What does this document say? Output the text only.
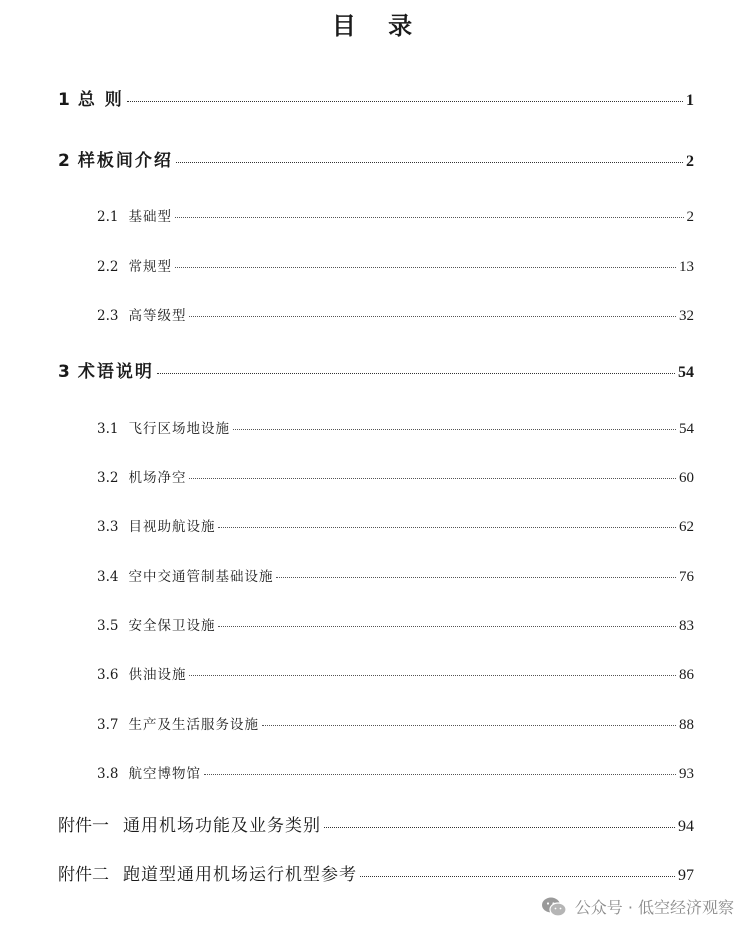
目 录
1 总 则	1
2 样板间介绍	2
2.1 基础型	2
2.2 常规型	13
2.3 高等级型	32
3 术语说明	54
3.1 飞行区场地设施	54
3.2 机场净空	60
3.3 目视助航设施	62
3.4 空中交通管制基础设施	76
3.5 安全保卫设施	83
3.6 供油设施	86
3.7 生产及生活服务设施	88
3.8 航空博物馆	93
附件一 通用机场功能及业务类别	94
附件二 跑道型通用机场运行机型参考	97
公众号 · 低空经济观察
